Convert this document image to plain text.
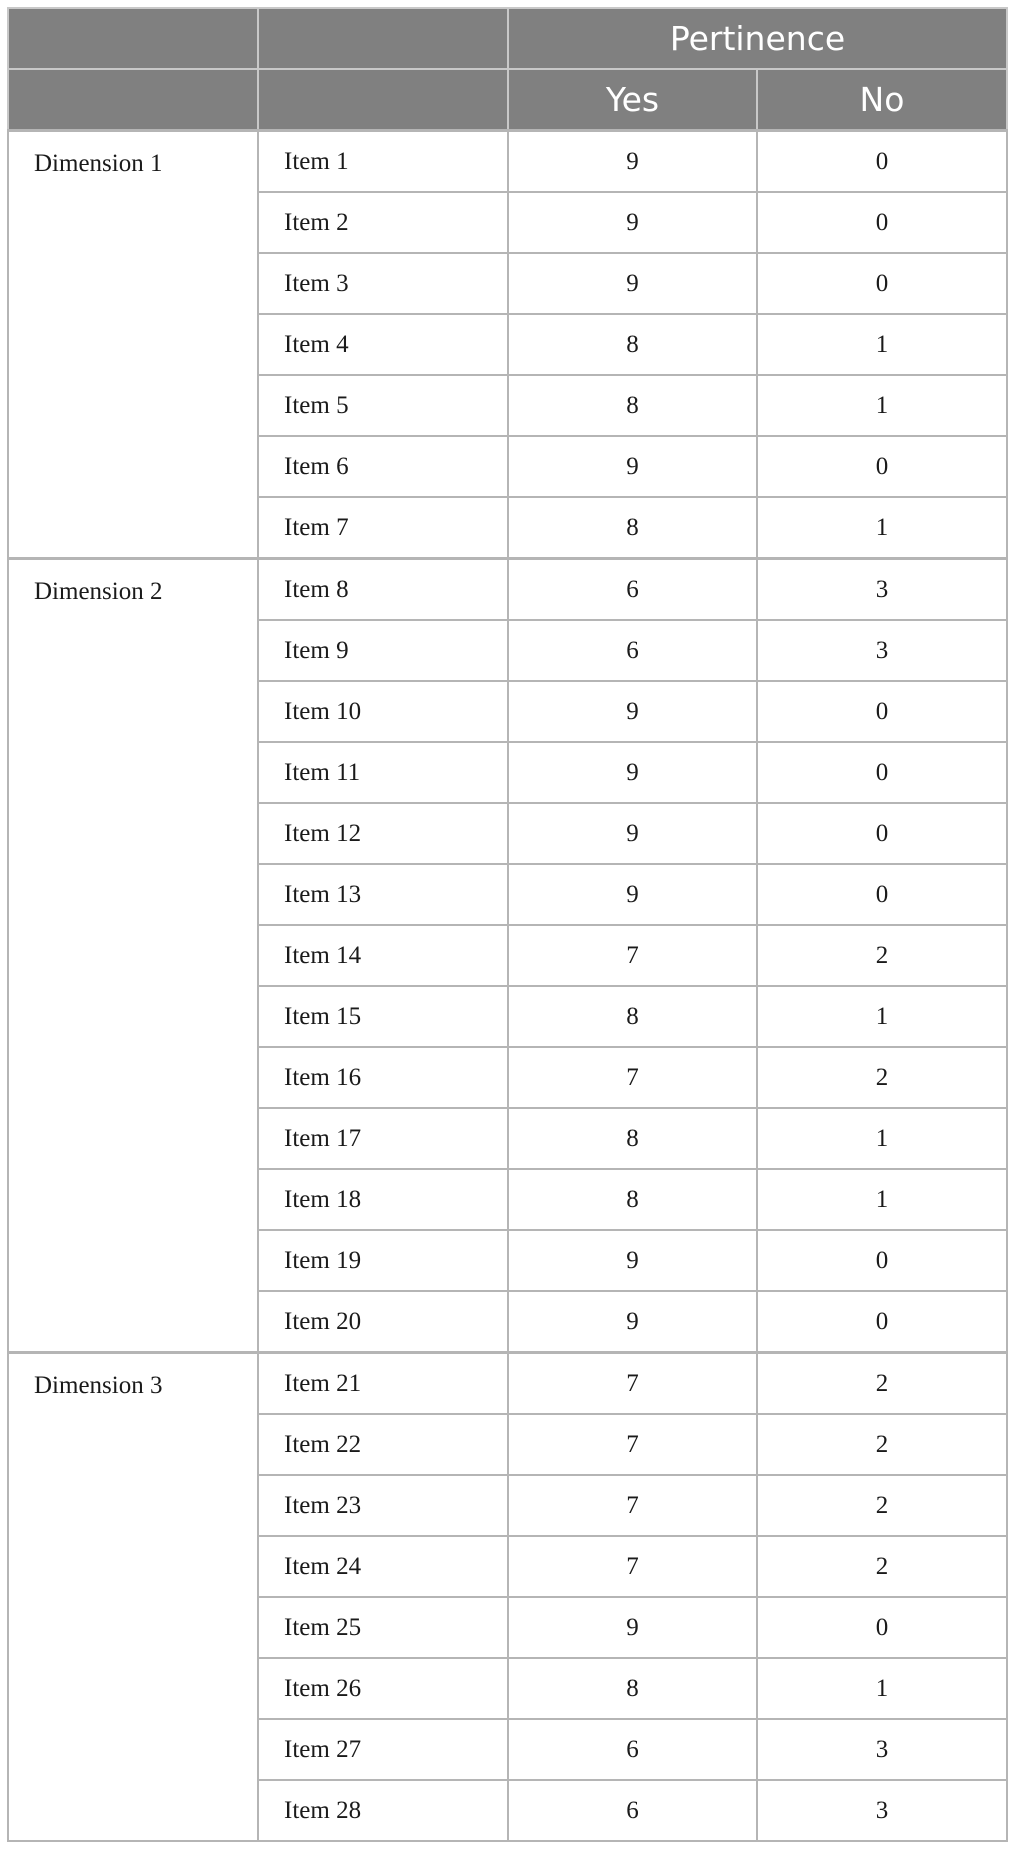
		Pertinence	
		Yes	No
Dimension 1	Item 1	9	0
	Item 2	9	0
	Item 3	9	0
	Item 4	8	1
	Item 5	8	1
	Item 6	9	0
	Item 7	8	1
Dimension 2	Item 8	6	3
	Item 9	6	3
	Item 10	9	0
	Item 11	9	0
	Item 12	9	0
	Item 13	9	0
	Item 14	7	2
	Item 15	8	1
	Item 16	7	2
	Item 17	8	1
	Item 18	8	1
	Item 19	9	0
	Item 20	9	0
Dimension 3	Item 21	7	2
	Item 22	7	2
	Item 23	7	2
	Item 24	7	2
	Item 25	9	0
	Item 26	8	1
	Item 27	6	3
	Item 28	6	3
